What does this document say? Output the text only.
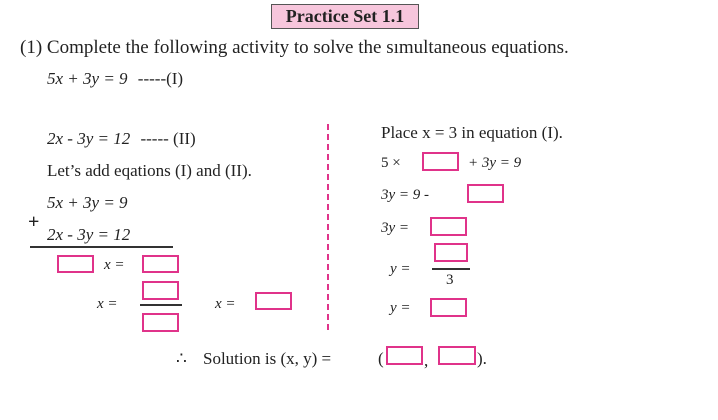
Practice Set 1.1
(1) Complete the following activity to solve the sımultaneous equations.
5x + 3y = 9 -----(I)
2x - 3y = 12 ----- (II)
Let’s add eqations (I) and (II).
5x + 3y = 9
+
2x - 3y = 12
x =
x =	x =
Place x = 3 in equation (I).
5 ×	+ 3y = 9
3y = 9 -
3y =
y =
3
y =
∴ Solution is (x, y) =	( ,	).
